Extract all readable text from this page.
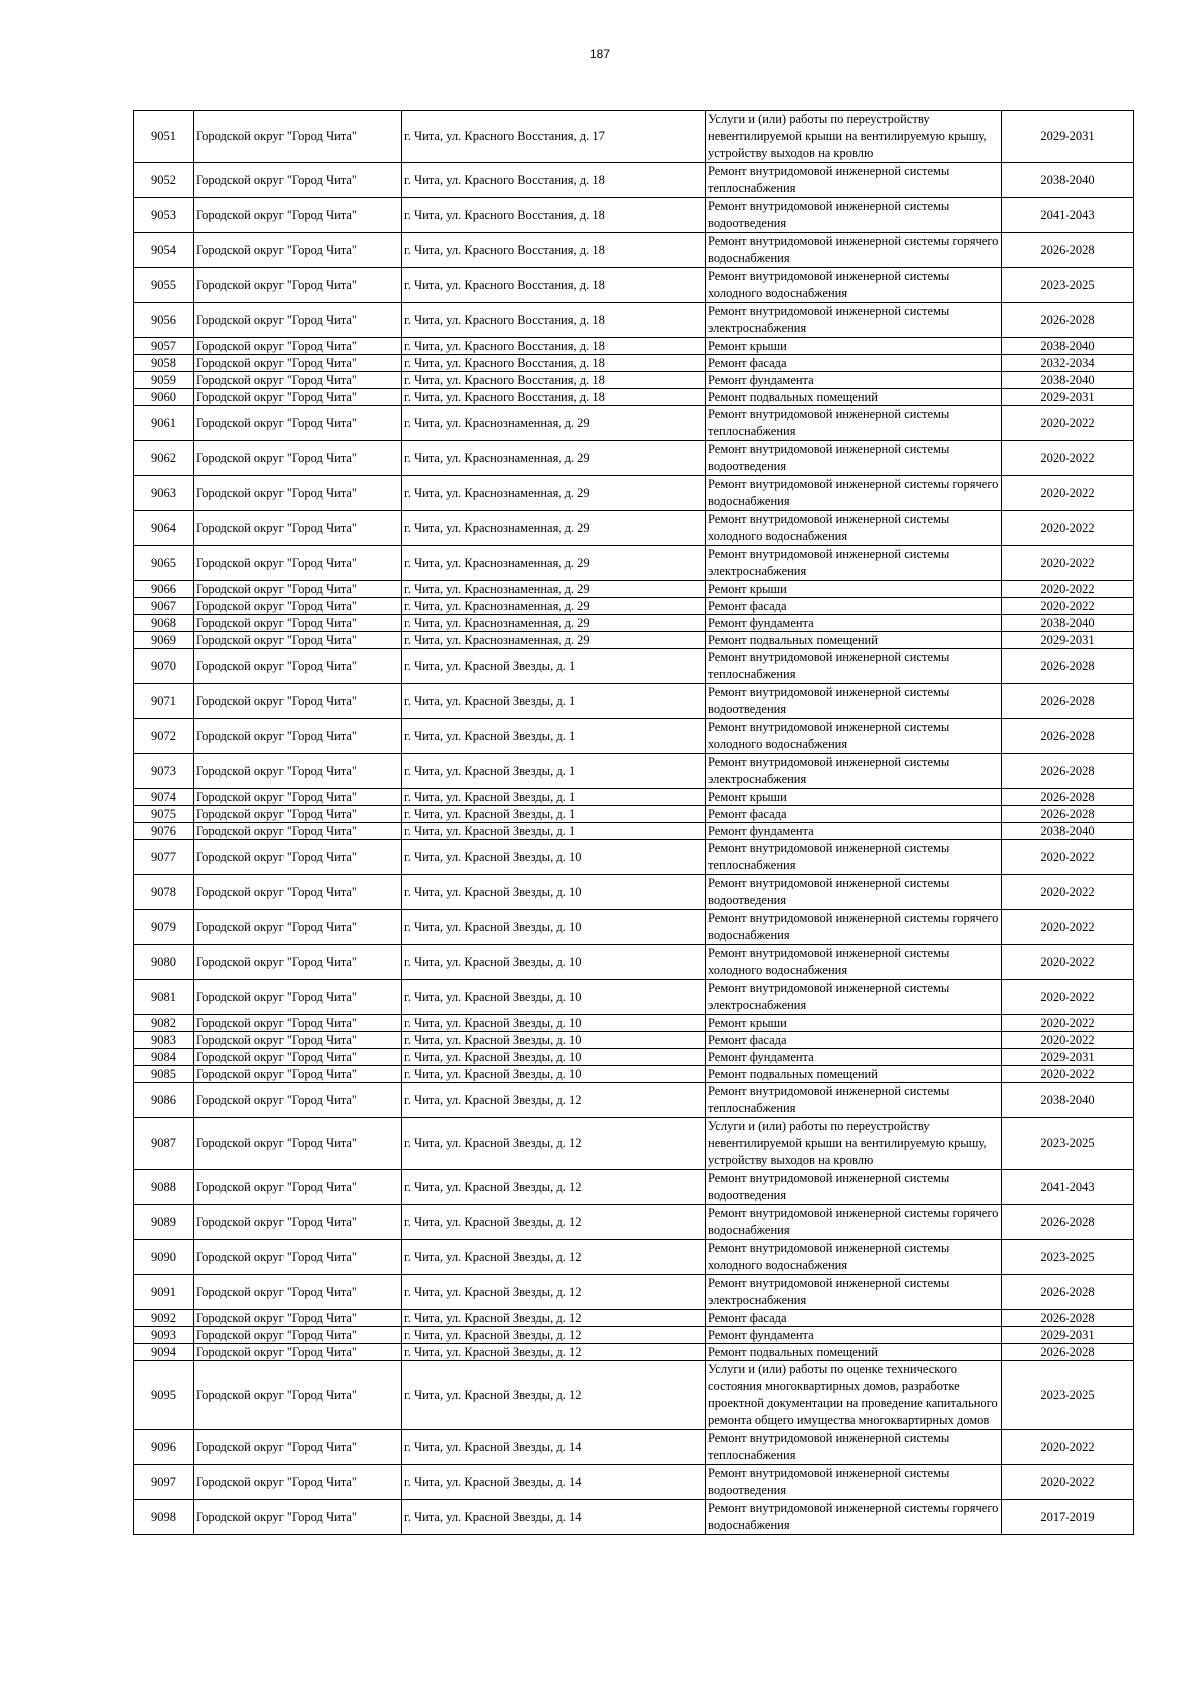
187
9051	Городской округ "Город Чита"	г. Чита, ул. Красного Восстания, д. 17	Услуги и (или) работы по переустройству невентилируемой крыши на вентилируемую крышу, устройству выходов на кровлю	2029-2031
9052	Городской округ "Город Чита"	г. Чита, ул. Красного Восстания, д. 18	Ремонт внутридомовой инженерной системы теплоснабжения	2038-2040
9053	Городской округ "Город Чита"	г. Чита, ул. Красного Восстания, д. 18	Ремонт внутридомовой инженерной системы водоотведения	2041-2043
9054	Городской округ "Город Чита"	г. Чита, ул. Красного Восстания, д. 18	Ремонт внутридомовой инженерной системы горячего водоснабжения	2026-2028
9055	Городской округ "Город Чита"	г. Чита, ул. Красного Восстания, д. 18	Ремонт внутридомовой инженерной системы холодного водоснабжения	2023-2025
9056	Городской округ "Город Чита"	г. Чита, ул. Красного Восстания, д. 18	Ремонт внутридомовой инженерной системы электроснабжения	2026-2028
9057	Городской округ "Город Чита"	г. Чита, ул. Красного Восстания, д. 18	Ремонт крыши	2038-2040
9058	Городской округ "Город Чита"	г. Чита, ул. Красного Восстания, д. 18	Ремонт фасада	2032-2034
9059	Городской округ "Город Чита"	г. Чита, ул. Красного Восстания, д. 18	Ремонт фундамента	2038-2040
9060	Городской округ "Город Чита"	г. Чита, ул. Красного Восстания, д. 18	Ремонт подвальных помещений	2029-2031
9061	Городской округ "Город Чита"	г. Чита, ул. Краснознаменная, д. 29	Ремонт внутридомовой инженерной системы теплоснабжения	2020-2022
9062	Городской округ "Город Чита"	г. Чита, ул. Краснознаменная, д. 29	Ремонт внутридомовой инженерной системы водоотведения	2020-2022
9063	Городской округ "Город Чита"	г. Чита, ул. Краснознаменная, д. 29	Ремонт внутридомовой инженерной системы горячего водоснабжения	2020-2022
9064	Городской округ "Город Чита"	г. Чита, ул. Краснознаменная, д. 29	Ремонт внутридомовой инженерной системы холодного водоснабжения	2020-2022
9065	Городской округ "Город Чита"	г. Чита, ул. Краснознаменная, д. 29	Ремонт внутридомовой инженерной системы электроснабжения	2020-2022
9066	Городской округ "Город Чита"	г. Чита, ул. Краснознаменная, д. 29	Ремонт крыши	2020-2022
9067	Городской округ "Город Чита"	г. Чита, ул. Краснознаменная, д. 29	Ремонт фасада	2020-2022
9068	Городской округ "Город Чита"	г. Чита, ул. Краснознаменная, д. 29	Ремонт фундамента	2038-2040
9069	Городской округ "Город Чита"	г. Чита, ул. Краснознаменная, д. 29	Ремонт подвальных помещений	2029-2031
9070	Городской округ "Город Чита"	г. Чита, ул. Красной Звезды, д. 1	Ремонт внутридомовой инженерной системы теплоснабжения	2026-2028
9071	Городской округ "Город Чита"	г. Чита, ул. Красной Звезды, д. 1	Ремонт внутридомовой инженерной системы водоотведения	2026-2028
9072	Городской округ "Город Чита"	г. Чита, ул. Красной Звезды, д. 1	Ремонт внутридомовой инженерной системы холодного водоснабжения	2026-2028
9073	Городской округ "Город Чита"	г. Чита, ул. Красной Звезды, д. 1	Ремонт внутридомовой инженерной системы электроснабжения	2026-2028
9074	Городской округ "Город Чита"	г. Чита, ул. Красной Звезды, д. 1	Ремонт крыши	2026-2028
9075	Городской округ "Город Чита"	г. Чита, ул. Красной Звезды, д. 1	Ремонт фасада	2026-2028
9076	Городской округ "Город Чита"	г. Чита, ул. Красной Звезды, д. 1	Ремонт фундамента	2038-2040
9077	Городской округ "Город Чита"	г. Чита, ул. Красной Звезды, д. 10	Ремонт внутридомовой инженерной системы теплоснабжения	2020-2022
9078	Городской округ "Город Чита"	г. Чита, ул. Красной Звезды, д. 10	Ремонт внутридомовой инженерной системы водоотведения	2020-2022
9079	Городской округ "Город Чита"	г. Чита, ул. Красной Звезды, д. 10	Ремонт внутридомовой инженерной системы горячего водоснабжения	2020-2022
9080	Городской округ "Город Чита"	г. Чита, ул. Красной Звезды, д. 10	Ремонт внутридомовой инженерной системы холодного водоснабжения	2020-2022
9081	Городской округ "Город Чита"	г. Чита, ул. Красной Звезды, д. 10	Ремонт внутридомовой инженерной системы электроснабжения	2020-2022
9082	Городской округ "Город Чита"	г. Чита, ул. Красной Звезды, д. 10	Ремонт крыши	2020-2022
9083	Городской округ "Город Чита"	г. Чита, ул. Красной Звезды, д. 10	Ремонт фасада	2020-2022
9084	Городской округ "Город Чита"	г. Чита, ул. Красной Звезды, д. 10	Ремонт фундамента	2029-2031
9085	Городской округ "Город Чита"	г. Чита, ул. Красной Звезды, д. 10	Ремонт подвальных помещений	2020-2022
9086	Городской округ "Город Чита"	г. Чита, ул. Красной Звезды, д. 12	Ремонт внутридомовой инженерной системы теплоснабжения	2038-2040
9087	Городской округ "Город Чита"	г. Чита, ул. Красной Звезды, д. 12	Услуги и (или) работы по переустройству невентилируемой крыши на вентилируемую крышу, устройству выходов на кровлю	2023-2025
9088	Городской округ "Город Чита"	г. Чита, ул. Красной Звезды, д. 12	Ремонт внутридомовой инженерной системы водоотведения	2041-2043
9089	Городской округ "Город Чита"	г. Чита, ул. Красной Звезды, д. 12	Ремонт внутридомовой инженерной системы горячего водоснабжения	2026-2028
9090	Городской округ "Город Чита"	г. Чита, ул. Красной Звезды, д. 12	Ремонт внутридомовой инженерной системы холодного водоснабжения	2023-2025
9091	Городской округ "Город Чита"	г. Чита, ул. Красной Звезды, д. 12	Ремонт внутридомовой инженерной системы электроснабжения	2026-2028
9092	Городской округ "Город Чита"	г. Чита, ул. Красной Звезды, д. 12	Ремонт фасада	2026-2028
9093	Городской округ "Город Чита"	г. Чита, ул. Красной Звезды, д. 12	Ремонт фундамента	2029-2031
9094	Городской округ "Город Чита"	г. Чита, ул. Красной Звезды, д. 12	Ремонт подвальных помещений	2026-2028
9095	Городской округ "Город Чита"	г. Чита, ул. Красной Звезды, д. 12	Услуги и (или) работы по оценке технического состояния многоквартирных домов, разработке проектной документации на проведение капитального ремонта общего имущества многоквартирных домов	2023-2025
9096	Городской округ "Город Чита"	г. Чита, ул. Красной Звезды, д. 14	Ремонт внутридомовой инженерной системы теплоснабжения	2020-2022
9097	Городской округ "Город Чита"	г. Чита, ул. Красной Звезды, д. 14	Ремонт внутридомовой инженерной системы водоотведения	2020-2022
9098	Городской округ "Город Чита"	г. Чита, ул. Красной Звезды, д. 14	Ремонт внутридомовой инженерной системы горячего водоснабжения	2017-2019
